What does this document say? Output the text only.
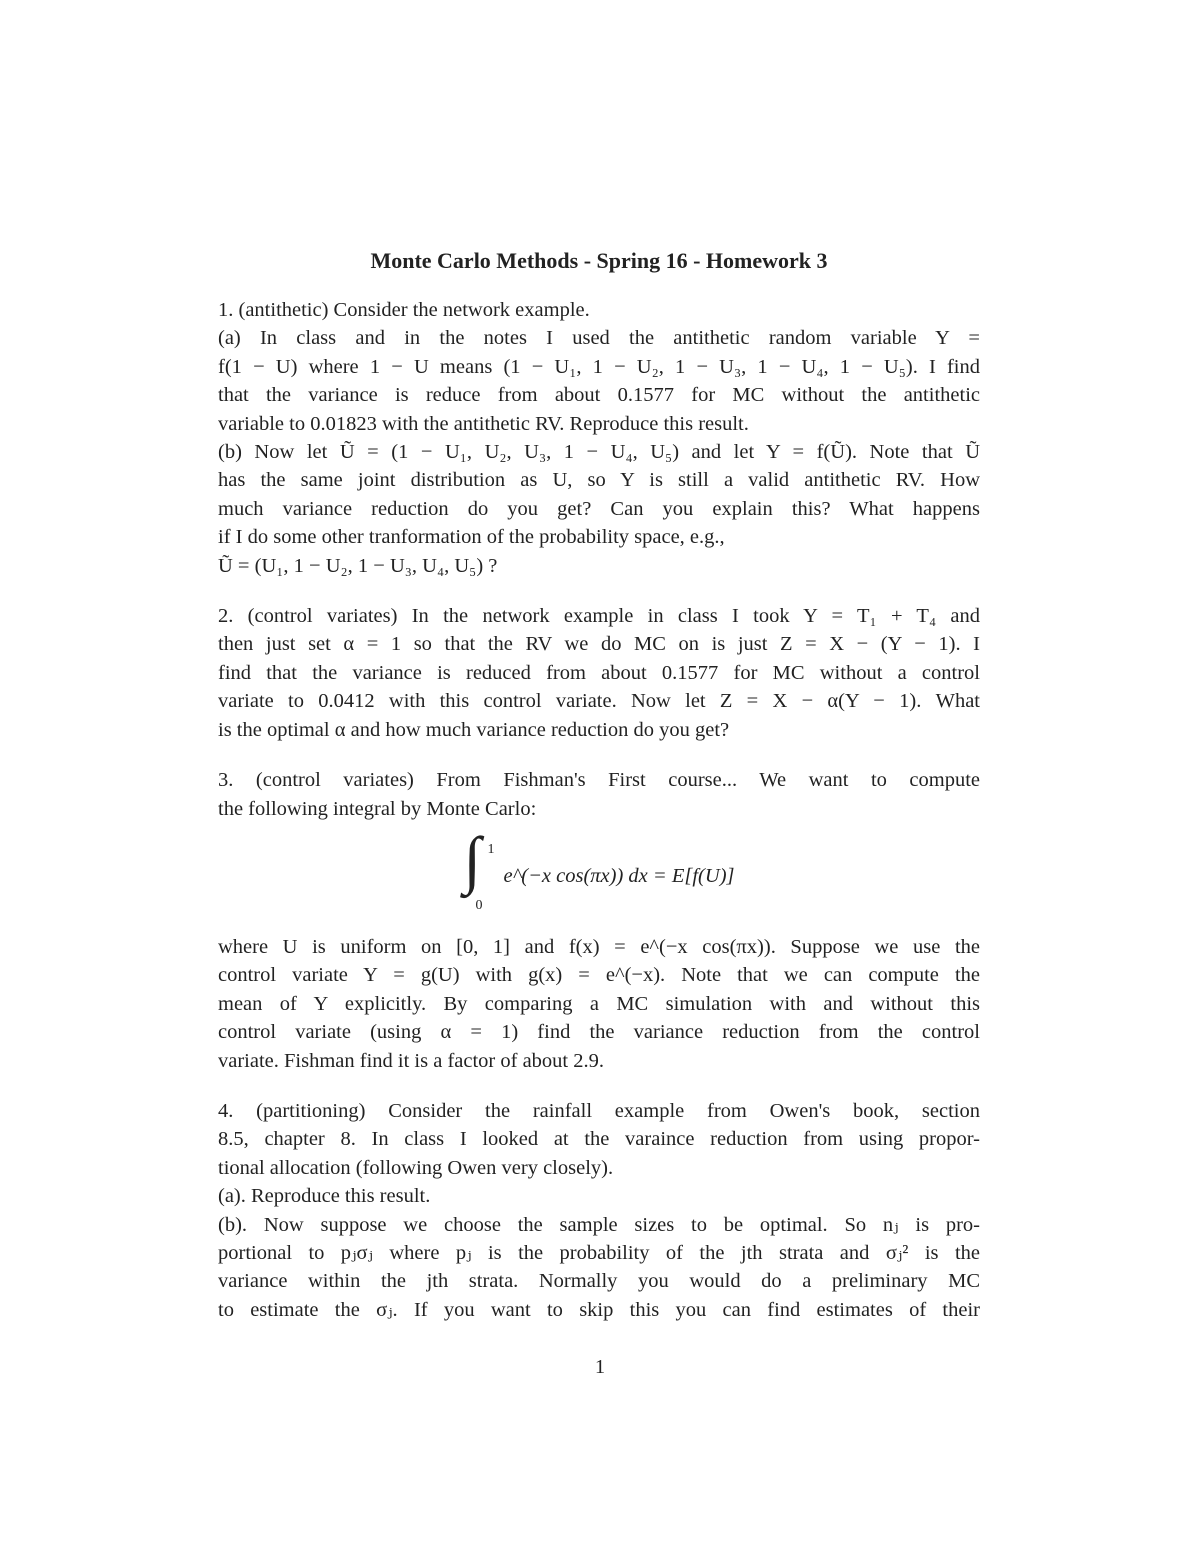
Monte Carlo Methods - Spring 16 - Homework 3
1. (antithetic) Consider the network example.
(a) In class and in the notes I used the antithetic random variable Y =
f(1 − U) where 1 − U means (1 − U₁, 1 − U₂, 1 − U₃, 1 − U₄, 1 − U₅). I find
that the variance is reduce from about 0.1577 for MC without the antithetic
variable to 0.01823 with the antithetic RV. Reproduce this result.
(b) Now let Ũ = (1 − U₁, U₂, U₃, 1 − U₄, U₅) and let Y = f(Ũ). Note that Ũ
has the same joint distribution as U, so Y is still a valid antithetic RV. How
much variance reduction do you get? Can you explain this? What happens
if I do some other tranformation of the probability space, e.g.,
Ũ = (U₁, 1 − U₂, 1 − U₃, U₄, U₅) ?
2. (control variates) In the network example in class I took Y = T₁ + T₄ and
then just set α = 1 so that the RV we do MC on is just Z = X − (Y − 1). I
find that the variance is reduced from about 0.1577 for MC without a control
variate to 0.0412 with this control variate. Now let Z = X − α(Y − 1). What
is the optimal α and how much variance reduction do you get?
3. (control variates) From Fishman's First course... We want to compute
the following integral by Monte Carlo:
∫ 1
0
e^(−x cos(πx)) dx = E[f(U)]
where U is uniform on [0, 1] and f(x) = e^(−x cos(πx)). Suppose we use the
control variate Y = g(U) with g(x) = e^(−x). Note that we can compute the
mean of Y explicitly. By comparing a MC simulation with and without this
control variate (using α = 1) find the variance reduction from the control
variate. Fishman find it is a factor of about 2.9.
4. (partitioning) Consider the rainfall example from Owen's book, section
8.5, chapter 8. In class I looked at the varaince reduction from using propor-
tional allocation (following Owen very closely).
(a). Reproduce this result.
(b). Now suppose we choose the sample sizes to be optimal. So nⱼ is pro-
portional to pⱼσⱼ where pⱼ is the probability of the jth strata and σⱼ² is the
variance within the jth strata. Normally you would do a preliminary MC
to estimate the σⱼ. If you want to skip this you can find estimates of their
1
